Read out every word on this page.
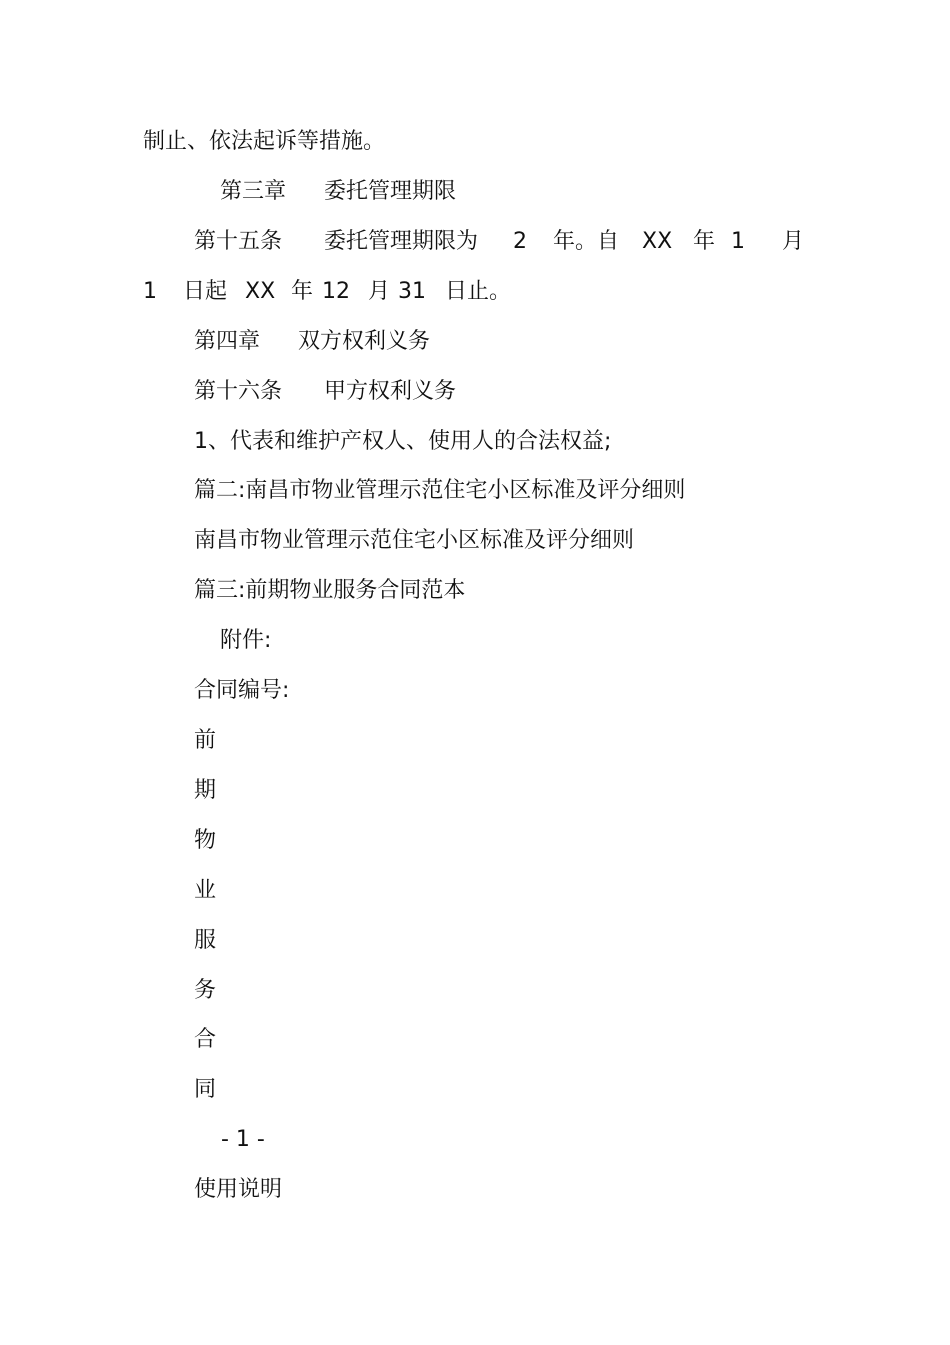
制止、依法起诉等措施。
第三章 委托管理期限
第十五条 委托管理期限为 2 年。自 XX 年 1 月
1 日起 XX 年 12 月 31 日止。
第四章 双方权利义务
第十六条 甲方权利义务
1、代表和维护产权人、使用人的合法权益;
篇二:南昌市物业管理示范住宅小区标准及评分细则
南昌市物业管理示范住宅小区标准及评分细则
篇三:前期物业服务合同范本
附件:
合同编号:
前
期
物
业
服
务
合
同
- 1 -
使用说明
